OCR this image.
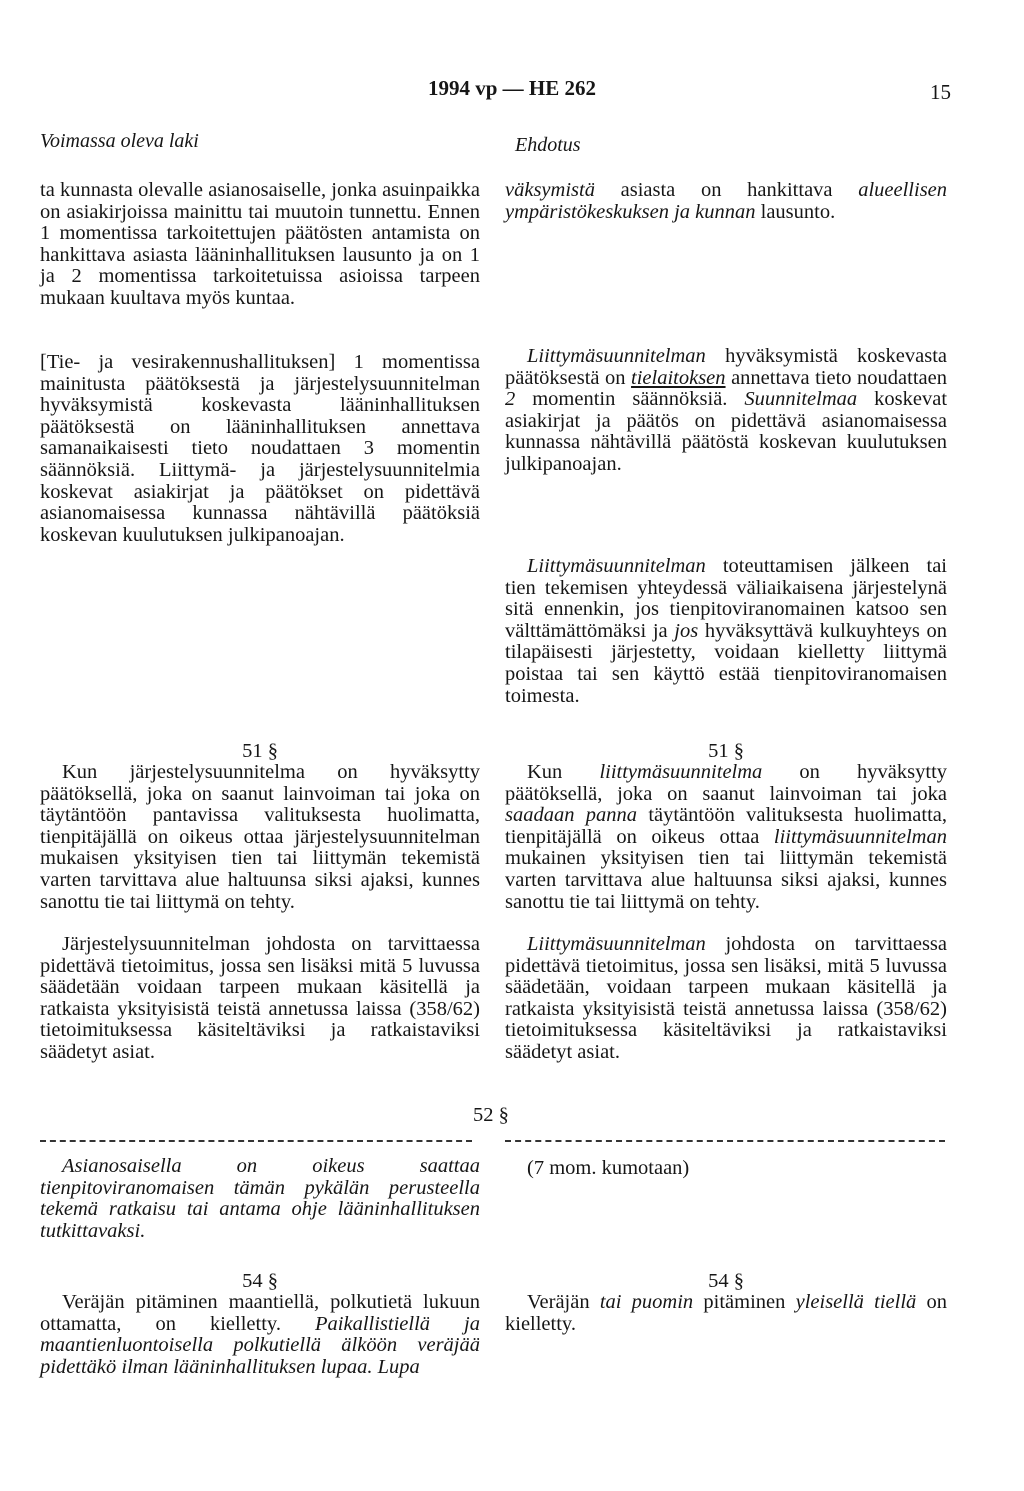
1994 vp — HE 262	15
Voimassa oleva laki	Ehdotus
ta kunnasta olevalle asianosaiselle, jonka asuinpaikka on asiakirjoissa mainittu tai muutoin tunnettu. Ennen 1 momentissa tarkoitettujen päätösten antamista on hankittava asiasta lääninhallituksen lausunto ja on 1 ja 2 momentissa tarkoitetuissa asioissa tarpeen mukaan kuultava myös kuntaa.
[Tie- ja vesirakennushallituksen] 1 momentissa mainitusta päätöksestä ja järjestelysuunnitelman hyväksymistä koskevasta lääninhallituksen päätöksestä on lääninhallituksen annettava samanaikaisesti tieto noudattaen 3 momentin säännöksiä. Liittymä- ja järjestelysuunnitelmia koskevat asiakirjat ja päätökset on pidettävä asianomaisessa kunnassa nähtävillä päätöksiä koskevan kuulutuksen julkipanoajan.
51 §
Kun järjestelysuunnitelma on hyväksytty päätöksellä, joka on saanut lainvoiman tai joka on täytäntöön pantavissa valituksesta huolimatta, tienpitäjällä on oikeus ottaa järjestelysuunnitelman mukaisen yksityisen tien tai liittymän tekemistä varten tarvittava alue haltuunsa siksi ajaksi, kunnes sanottu tie tai liittymä on tehty.
Järjestelysuunnitelman johdosta on tarvittaessa pidettävä tietoimitus, jossa sen lisäksi mitä 5 luvussa säädetään voidaan tarpeen mukaan käsitellä ja ratkaista yksityisistä teistä annetussa laissa (358/62) tietoimituksessa käsiteltäviksi ja ratkaistaviksi säädetyt asiat.
Asianosaisella on oikeus saattaa tienpitoviranomaisen tämän pykälän perusteella tekemä ratkaisu tai antama ohje lääninhallituksen tutkittavaksi.
54 §
Veräjän pitäminen maantiellä, polkutietä lukuun ottamatta, on kielletty. Paikallistiellä ja maantienluontoisella polkutiellä älköön veräjää pidettäkö ilman lääninhallituksen lupaa. Lupa
52 §
väksymistä asiasta on hankittava alueellisen ympäristökeskuksen ja kunnan lausunto.
Liittymäsuunnitelman hyväksymistä koskevasta päätöksestä on tielaitoksen annettava tieto noudattaen 2 momentin säännöksiä. Suunnitelmaa koskevat asiakirjat ja päätös on pidettävä asianomaisessa kunnassa nähtävillä päätöstä koskevan kuulutuksen julkipanoajan.
Liittymäsuunnitelman toteuttamisen jälkeen tai tien tekemisen yhteydessä väliaikaisena järjestelynä sitä ennenkin, jos tienpitoviranomainen katsoo sen välttämättömäksi ja jos hyväksyttävä kulkuyhteys on tilapäisesti järjestetty, voidaan kielletty liittymä poistaa tai sen käyttö estää tienpitoviranomaisen toimesta.
51 §
Kun liittymäsuunnitelma on hyväksytty päätöksellä, joka on saanut lainvoiman tai joka saadaan panna täytäntöön valituksesta huolimatta, tienpitäjällä on oikeus ottaa liittymäsuunnitelman mukainen yksityisen tien tai liittymän tekemistä varten tarvittava alue haltuunsa siksi ajaksi, kunnes sanottu tie tai liittymä on tehty.
Liittymäsuunnitelman johdosta on tarvittaessa pidettävä tietoimitus, jossa sen lisäksi, mitä 5 luvussa säädetään, voidaan tarpeen mukaan käsitellä ja ratkaista yksityisistä teistä annetussa laissa (358/62) tietoimituksessa käsiteltäviksi ja ratkaistaviksi säädetyt asiat.
(7 mom. kumotaan)
54 §
Veräjän tai puomin pitäminen yleisellä tiellä on kielletty.
